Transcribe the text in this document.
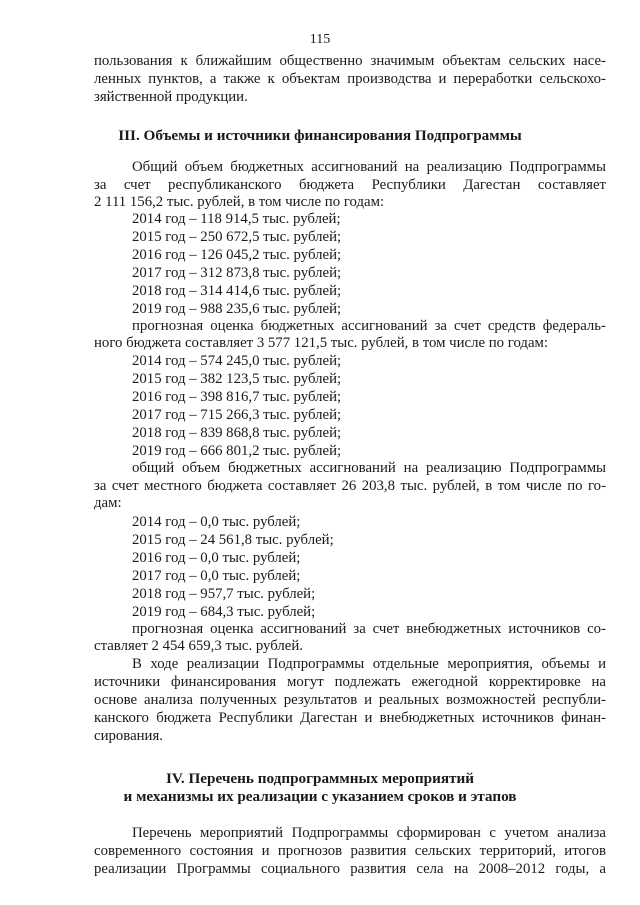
115
пользования к ближайшим общественно значимым объектам сельских насе-
ленных пунктов, а также к объектам производства и переработки сельскохо-
зяйственной продукции.
III. Объемы и источники финансирования Подпрограммы
Общий объем бюджетных ассигнований на реализацию Подпрограммы
за счет республиканского бюджета Республики Дагестан составляет
2 111 156,2 тыс. рублей, в том числе по годам:
2014 год – 118 914,5 тыс. рублей;
2015 год – 250 672,5 тыс. рублей;
2016 год – 126 045,2 тыс. рублей;
2017 год – 312 873,8 тыс. рублей;
2018 год – 314 414,6 тыс. рублей;
2019 год – 988 235,6 тыс. рублей;
прогнозная оценка бюджетных ассигнований за счет средств федераль-
ного бюджета составляет 3 577 121,5 тыс. рублей, в том числе по годам:
2014 год – 574 245,0 тыс. рублей;
2015 год – 382 123,5 тыс. рублей;
2016 год – 398 816,7 тыс. рублей;
2017 год – 715 266,3 тыс. рублей;
2018 год – 839 868,8 тыс. рублей;
2019 год – 666 801,2 тыс. рублей;
общий объем бюджетных ассигнований на реализацию Подпрограммы
за счет местного бюджета составляет 26 203,8 тыс. рублей, в том числе по го-
дам:
2014 год – 0,0 тыс. рублей;
2015 год – 24 561,8 тыс. рублей;
2016 год – 0,0 тыс. рублей;
2017 год – 0,0 тыс. рублей;
2018 год – 957,7 тыс. рублей;
2019 год – 684,3 тыс. рублей;
прогнозная оценка ассигнований за счет внебюджетных источников со-
ставляет 2 454 659,3 тыс. рублей.
В ходе реализации Подпрограммы отдельные мероприятия, объемы и
источники финансирования могут подлежать ежегодной корректировке на
основе анализа полученных результатов и реальных возможностей республи-
канского бюджета Республики Дагестан и внебюджетных источников финан-
сирования.
IV. Перечень подпрограммных мероприятий
и механизмы их реализации с указанием сроков и этапов
Перечень мероприятий Подпрограммы сформирован с учетом анализа
современного состояния и прогнозов развития сельских территорий, итогов
реализации Программы социального развития села на 2008–2012 годы, а
